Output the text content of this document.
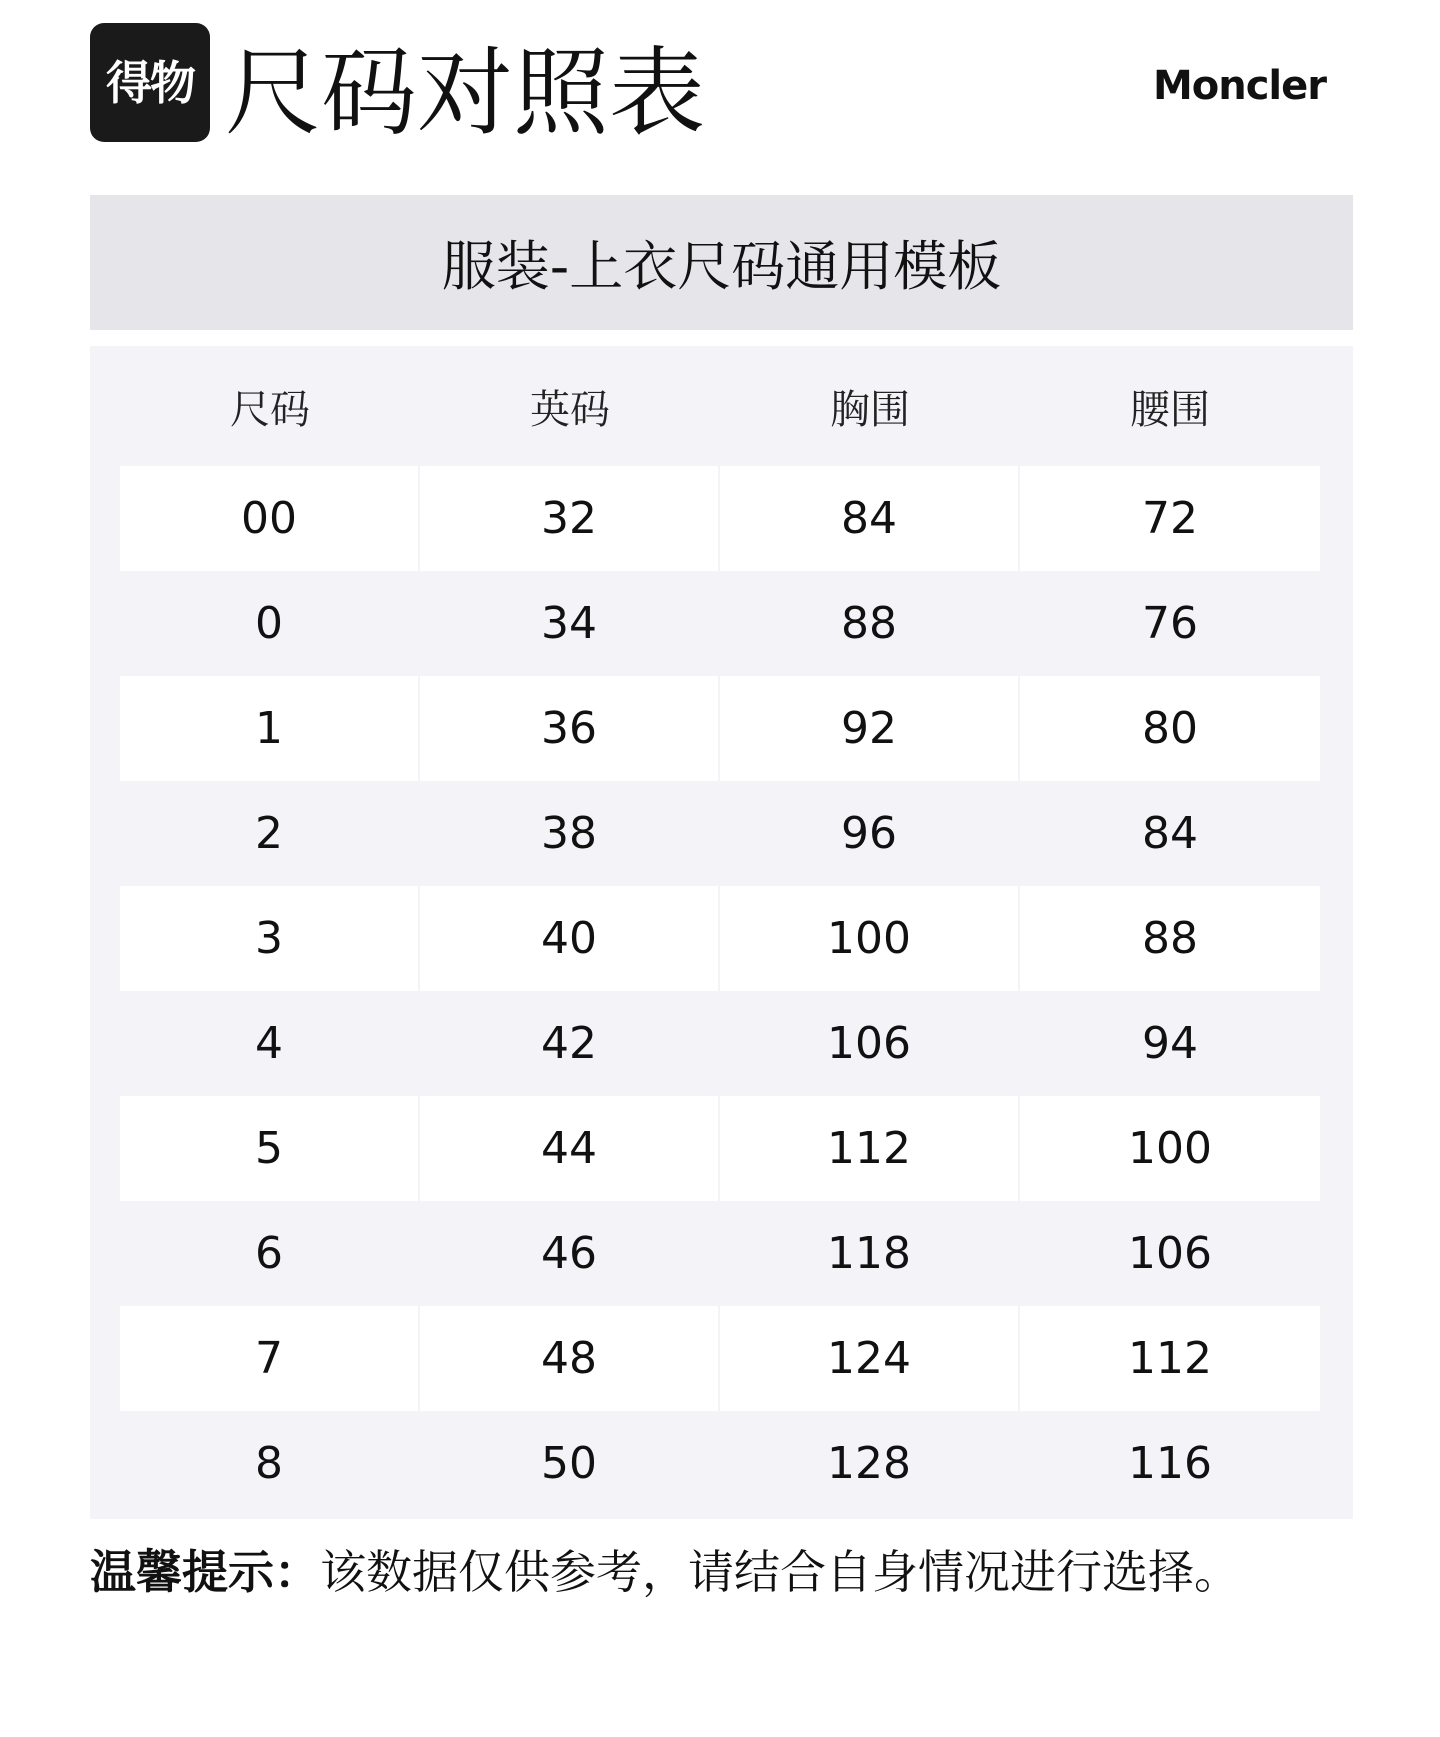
得物 尺码对照表	Moncler
服装-上衣尺码通用模板
尺码	英码	胸围	腰围
00	32	84	72
0	34	88	76
1	36	92	80
2	38	96	84
3	40	100	88
4	42	106	94
5	44	112	100
6	46	118	106
7	48	124	112
8	50	128	116
温馨提示：该数据仅供参考，请结合自身情况进行选择。
